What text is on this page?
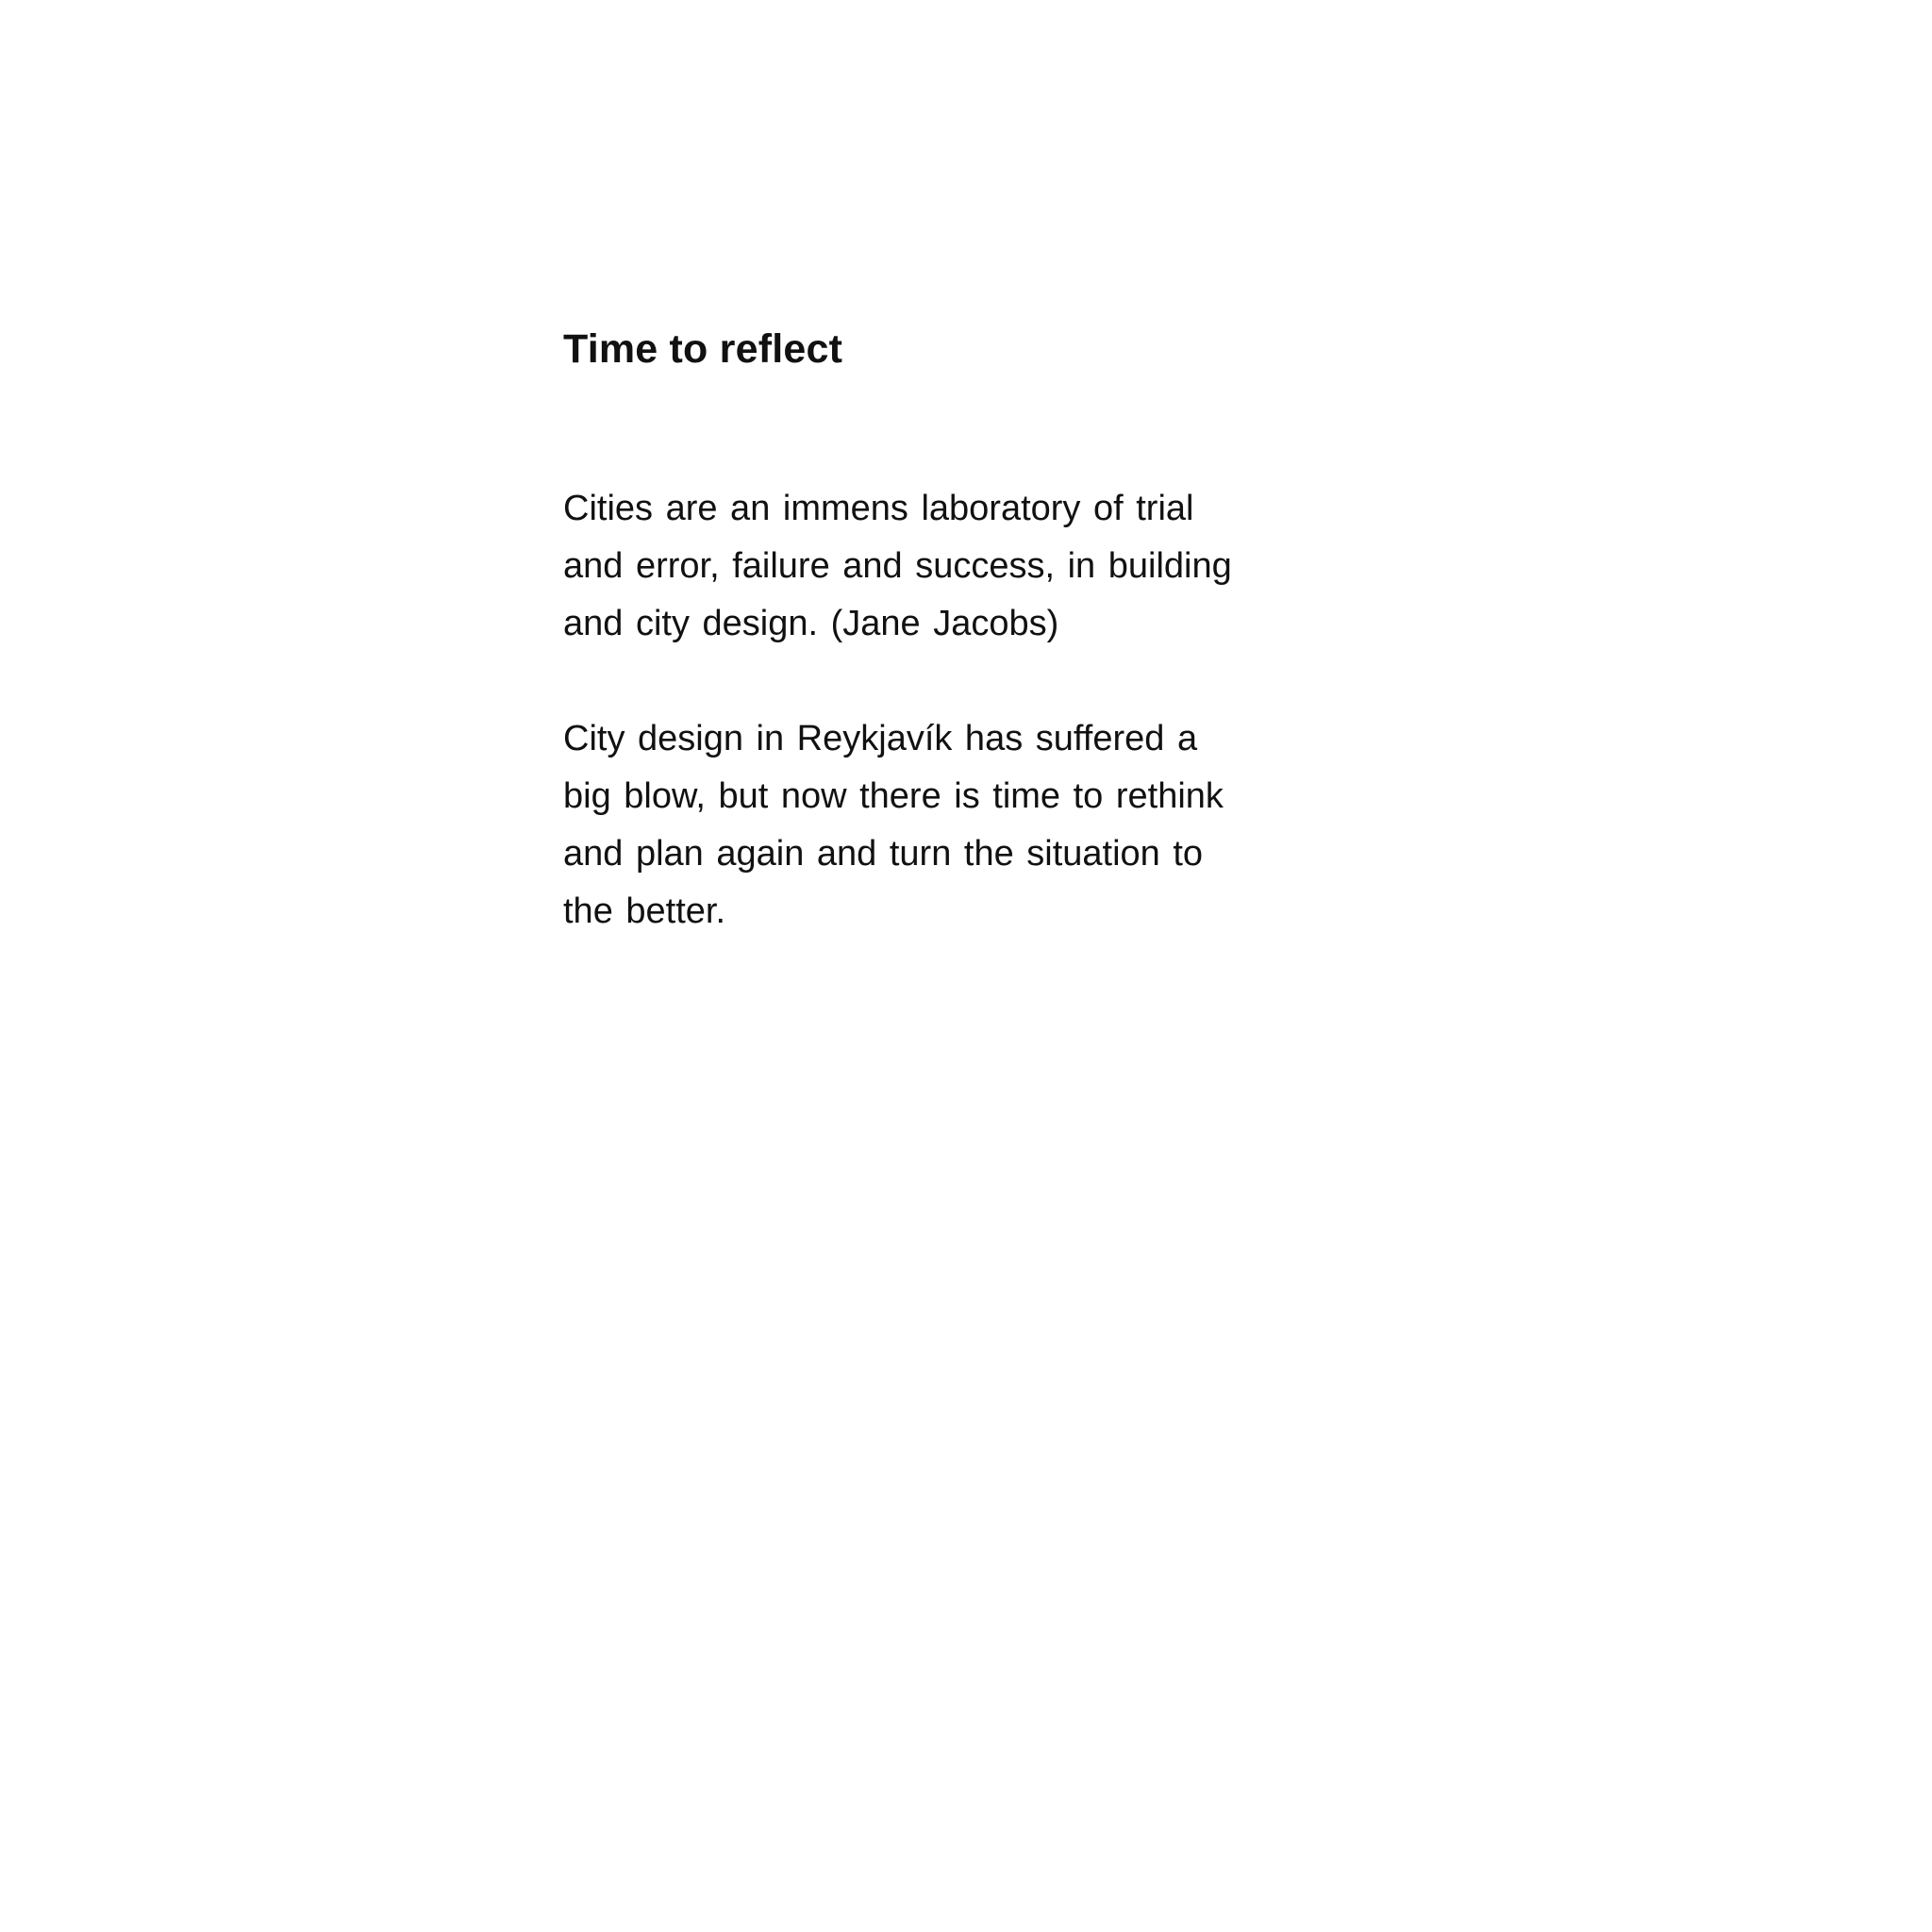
Time to reflect

Cities are an immens laboratory of trial
and error, failure and success, in building
and city design. (Jane Jacobs)

City design in Reykjavík has suffered a
big blow, but now there is time to rethink
and plan again and turn the situation to
the better.
